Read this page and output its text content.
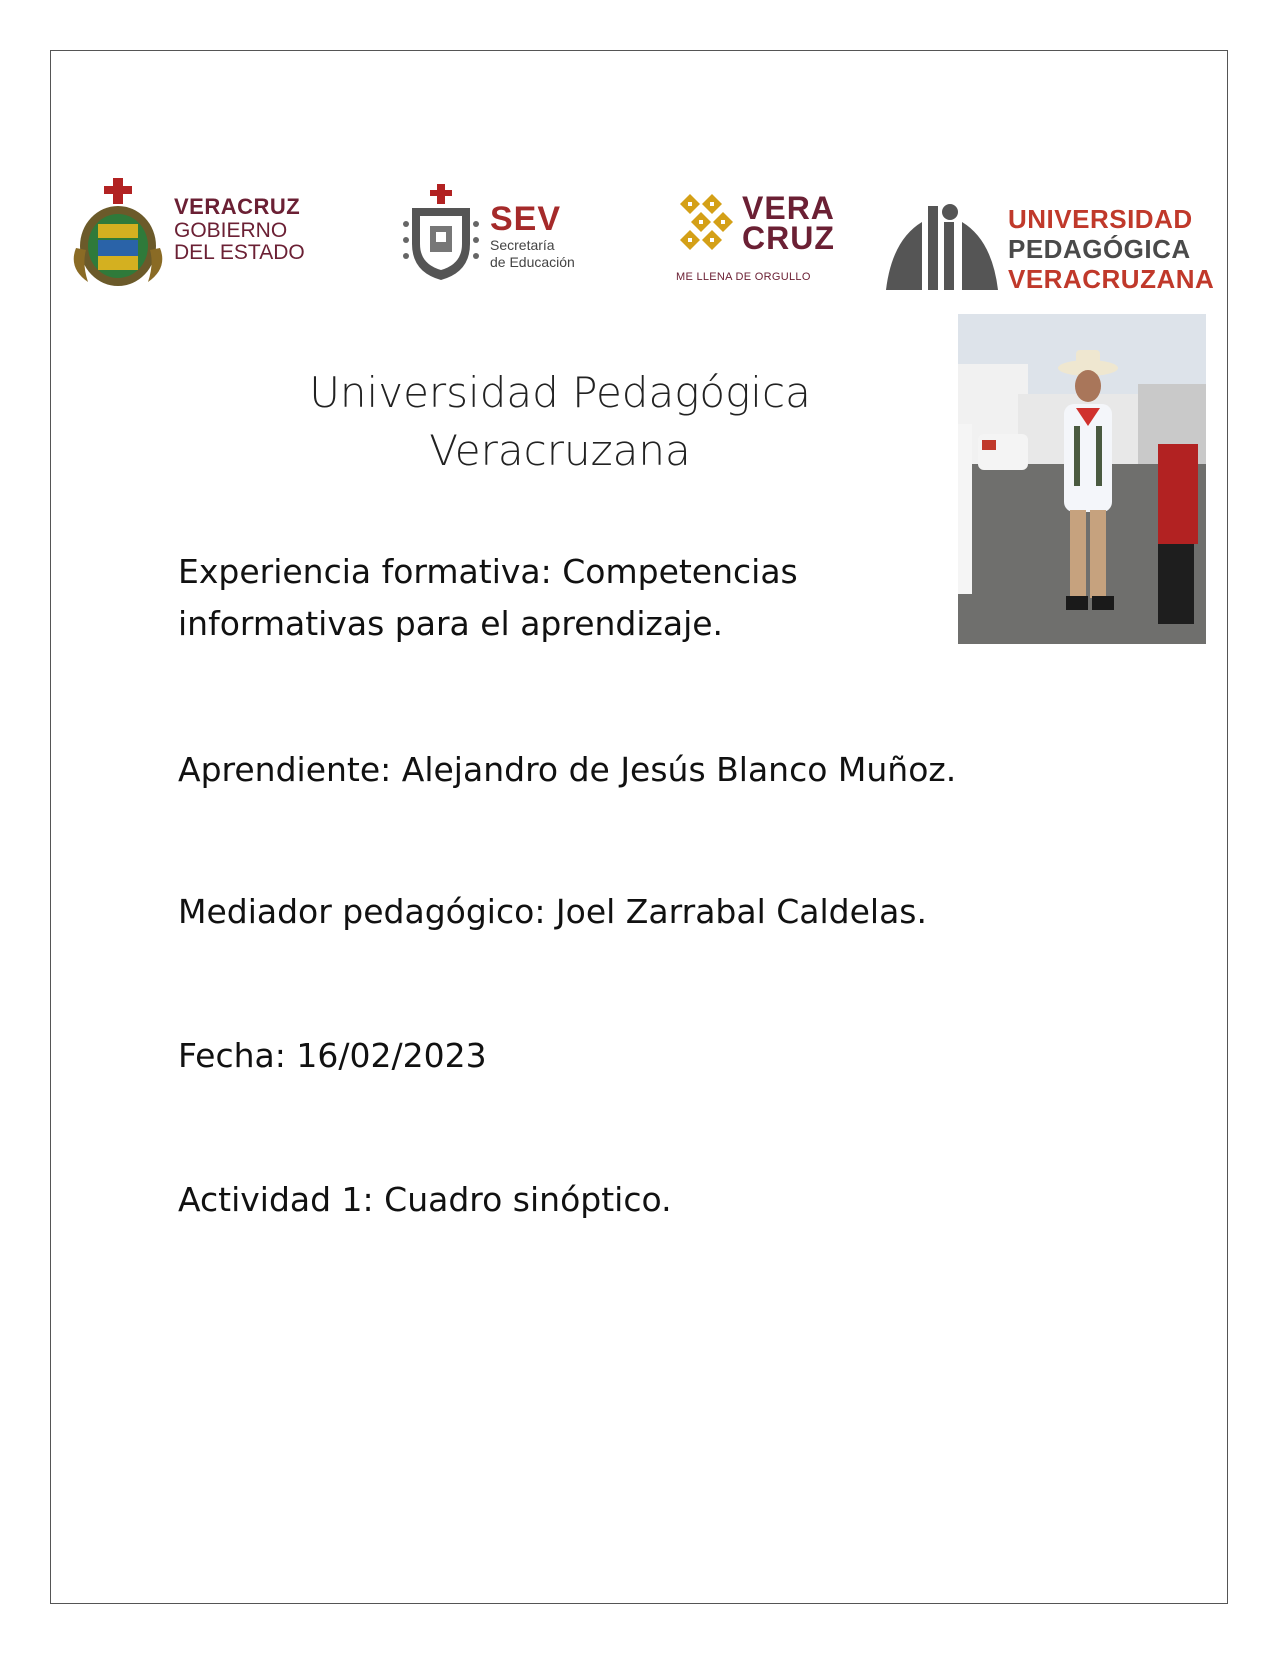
VERACRUZ
GOBIERNO
DEL ESTADO
SEV
Secretaría
de Educación
VERA
CRUZ
ME LLENA DE ORGULLO
UNIVERSIDAD
PEDAGÓGICA
VERACRUZANA
Universidad Pedagógica
Veracruzana
Experiencia formativa: Competencias
informativas para el aprendizaje.
Aprendiente: Alejandro de Jesús Blanco Muñoz.
Mediador pedagógico: Joel Zarrabal Caldelas.
Fecha: 16/02/2023
Actividad 1: Cuadro sinóptico.
